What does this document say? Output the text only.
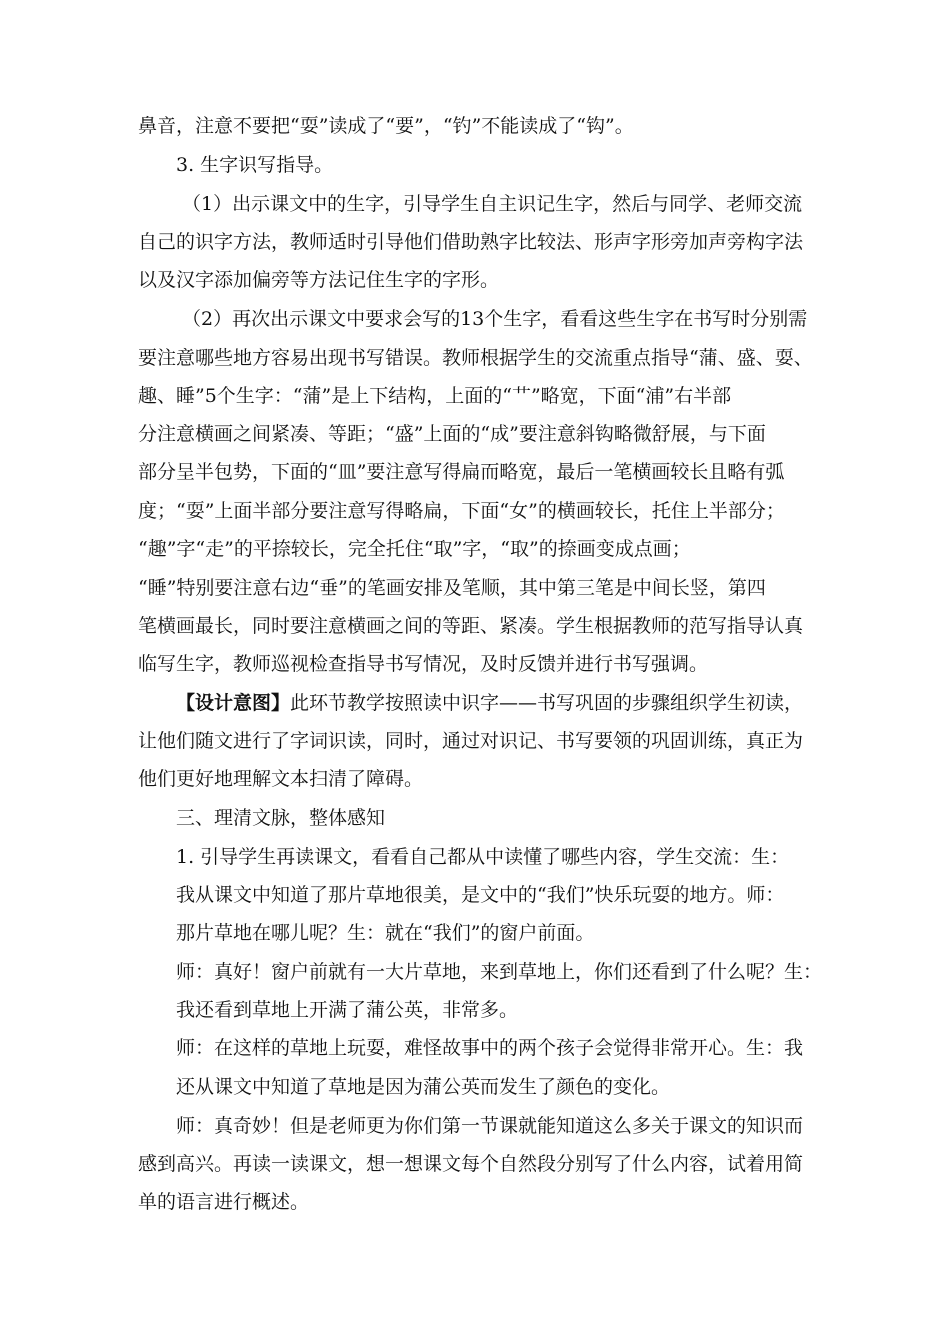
鼻音，注意不要把“耍”读成了“要”，“钓”不能读成了“钩”。
3. 生字识写指导。
（1）出示课文中的生字，引导学生自主识记生字，然后与同学、老师交流
自己的识字方法，教师适时引导他们借助熟字比较法、形声字形旁加声旁构字法
以及汉字添加偏旁等方法记住生字的字形。
（2）再次出示课文中要求会写的13个生字，看看这些生字在书写时分别需
要注意哪些地方容易出现书写错误。教师根据学生的交流重点指导“蒲、盛、耍、
趣、睡”5个生字：“蒲”是上下结构，上面的“艹”略宽，下面“浦”右半部
分注意横画之间紧凑、等距；“盛”上面的“成”要注意斜钩略微舒展，与下面
部分呈半包势，下面的“皿”要注意写得扁而略宽，最后一笔横画较长且略有弧
度；“耍”上面半部分要注意写得略扁，下面“女”的横画较长，托住上半部分；
“趣”字“走”的平捺较长，完全托住“取”字，“取”的捺画变成点画；
“睡”特别要注意右边“垂”的笔画安排及笔顺，其中第三笔是中间长竖，第四
笔横画最长，同时要注意横画之间的等距、紧凑。学生根据教师的范写指导认真
临写生字，教师巡视检查指导书写情况，及时反馈并进行书写强调。
【设计意图】此环节教学按照读中识字——书写巩固的步骤组织学生初读，
让他们随文进行了字词识读，同时，通过对识记、书写要领的巩固训练，真正为
他们更好地理解文本扫清了障碍。
三、理清文脉，整体感知
1. 引导学生再读课文，看看自己都从中读懂了哪些内容，学生交流：生：
我从课文中知道了那片草地很美，是文中的“我们”快乐玩耍的地方。师：
那片草地在哪儿呢？生：就在“我们”的窗户前面。
师：真好！窗户前就有一大片草地，来到草地上，你们还看到了什么呢？生：
我还看到草地上开满了蒲公英，非常多。
师：在这样的草地上玩耍，难怪故事中的两个孩子会觉得非常开心。生：我
还从课文中知道了草地是因为蒲公英而发生了颜色的变化。
师：真奇妙！但是老师更为你们第一节课就能知道这么多关于课文的知识而
感到高兴。再读一读课文，想一想课文每个自然段分别写了什么内容，试着用简
单的语言进行概述。
